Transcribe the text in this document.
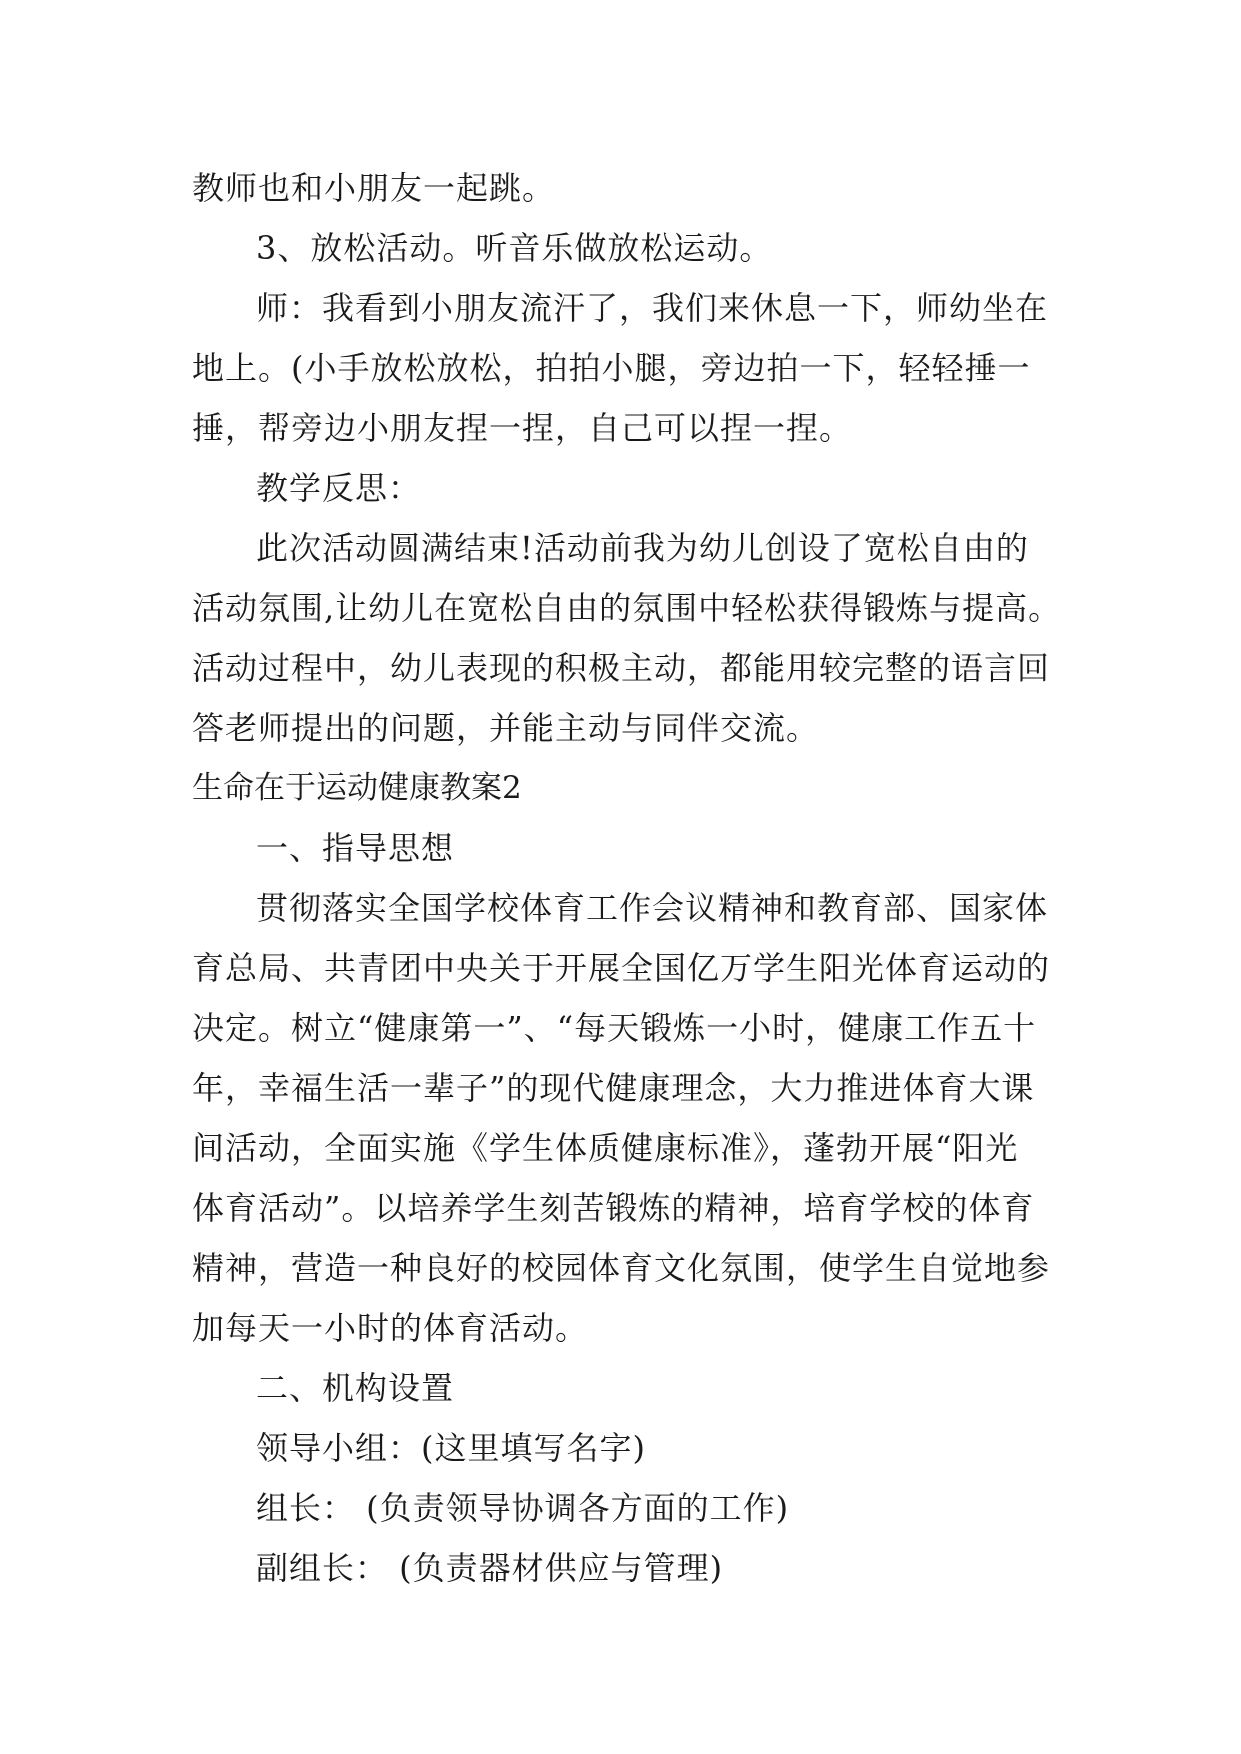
教师也和小朋友一起跳。
3、放松活动。听音乐做放松运动。
师：我看到小朋友流汗了，我们来休息一下，师幼坐在
地上。(小手放松放松，拍拍小腿，旁边拍一下，轻轻捶一
捶，帮旁边小朋友捏一捏，自己可以捏一捏。
教学反思：
此次活动圆满结束!活动前我为幼儿创设了宽松自由的
活动氛围,让幼儿在宽松自由的氛围中轻松获得锻炼与提高。
活动过程中，幼儿表现的积极主动，都能用较完整的语言回
答老师提出的问题，并能主动与同伴交流。
生命在于运动健康教案2
一、指导思想
贯彻落实全国学校体育工作会议精神和教育部、国家体
育总局、共青团中央关于开展全国亿万学生阳光体育运动的
决定。树立“健康第一”、“每天锻炼一小时，健康工作五十
年，幸福生活一辈子”的现代健康理念，大力推进体育大课
间活动，全面实施《学生体质健康标准》，蓬勃开展“阳光
体育活动”。以培养学生刻苦锻炼的精神，培育学校的体育
精神，营造一种良好的校园体育文化氛围，使学生自觉地参
加每天一小时的体育活动。
二、机构设置
领导小组：(这里填写名字)
组长： (负责领导协调各方面的工作)
副组长： (负责器材供应与管理)
